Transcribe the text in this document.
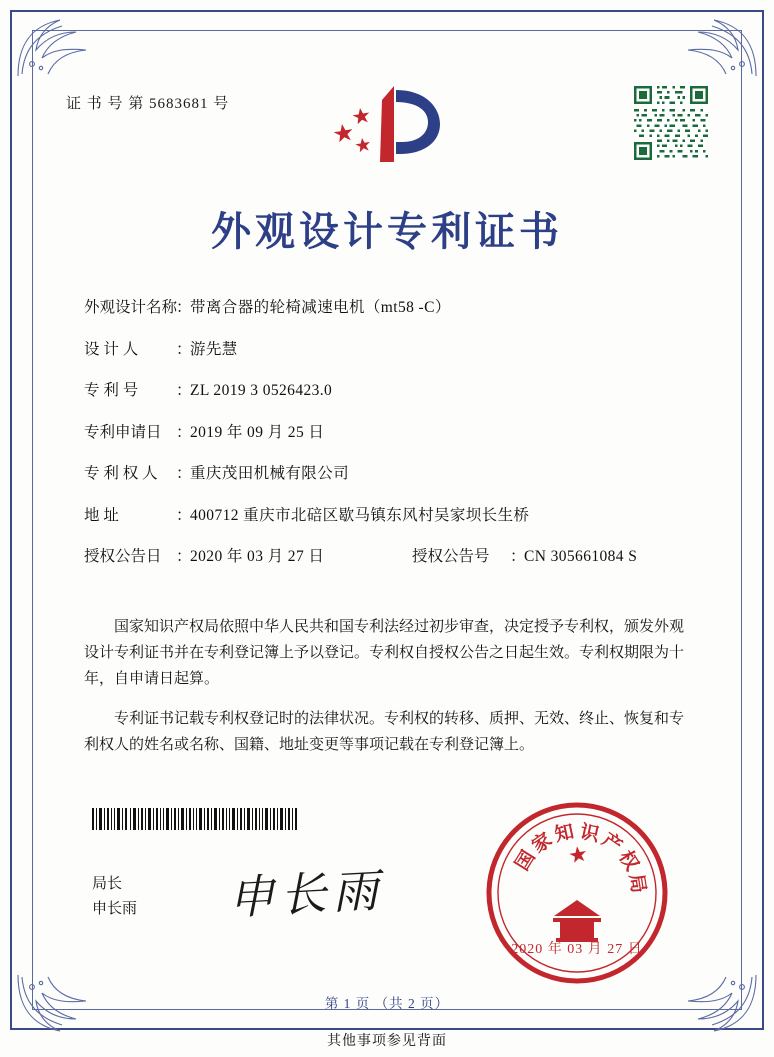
证 书 号 第 5683681 号
外观设计专利证书
外观设计名称
：
带离合器的轮椅减速电机（mt58 -C）
设 计 人	：
游先慧
专 利 号	：
ZL 2019 3 0526423.0
专利申请日 ：
2019 年 09 月 25 日
专 利 权 人	：
重庆茂田机械有限公司
地 址	：
400712 重庆市北碚区歇马镇东风村吴家坝长生桥
授权公告日 ：
2020 年 03 月 27 日	授权公告号	：
CN 305661084 S

国家知识产权局依照中华人民共和国专利法经过初步审查，决定授予专利权，颁发外观设计专利证书并在专利登记簿上予以登记。专利权自授权公告之日起生效。专利权期限为十年，自申请日起算。

专利证书记载专利权登记时的法律状况。专利权的转移、质押、无效、终止、恢复和专利权人的姓名或名称、国籍、地址变更等事项记载在专利登记簿上。

局长
申长雨 申长雨
国
家
知 识
产
权
局
2020 年 03 月 27 日
第 1 页 （共 2 页）
其他事项参见背面
